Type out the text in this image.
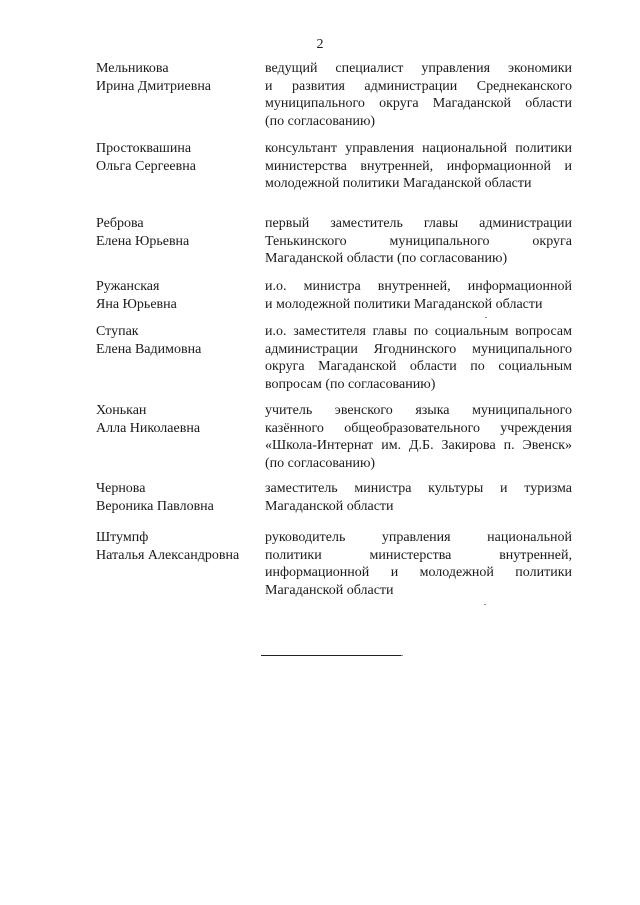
2
Мельникова
Ирина Дмитриевна
ведущий специалист управления экономики
и развития администрации Среднеканского
муниципального округа Магаданской области
(по согласованию)
Простоквашина
Ольга Сергеевна
консультант управления национальной политики
министерства внутренней, информационной и
молодежной политики Магаданской области
Реброва
Елена Юрьевна
первый заместитель главы администрации
Тенькинского муниципального округа
Магаданской области (по согласованию)
Ружанская
Яна Юрьевна
и.о. министра внутренней, информационной
и молодежной политики Магаданской области
Ступак
Елена Вадимовна
и.о. заместителя главы по социальным вопросам
администрации Ягоднинского муниципального
округа Магаданской области по социальным
вопросам (по согласованию)
Хонькан
Алла Николаевна
учитель эвенского языка муниципального
казённого общеобразовательного учреждения
«Школа-Интернат им. Д.Б. Закирова п. Эвенск»
(по согласованию)
Чернова
Вероника Павловна
заместитель министра культуры и туризма
Магаданской области
Штумпф
Наталья Александровна
руководитель управления национальной
политики министерства внутренней,
информационной и молодежной политики
Магаданской области
